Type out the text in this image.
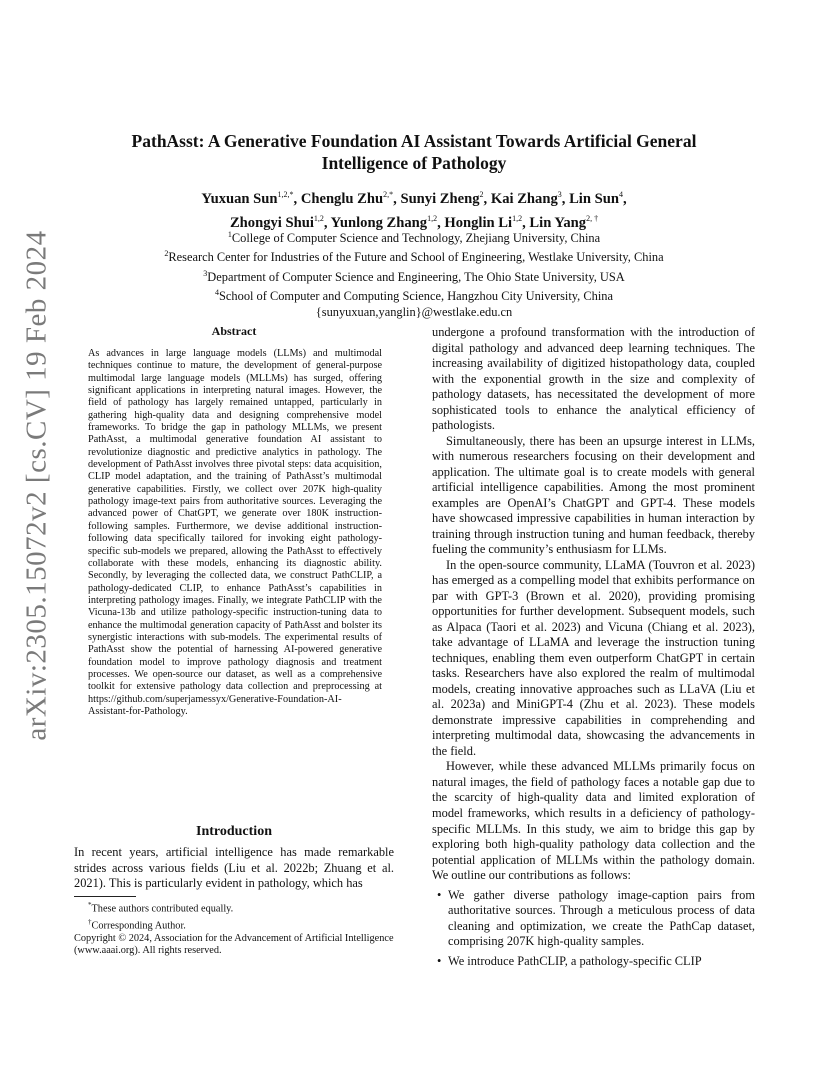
arXiv:2305.15072v2 [cs.CV] 19 Feb 2024
PathAsst: A Generative Foundation AI Assistant Towards Artificial General
Intelligence of Pathology
Yuxuan Sun$^{1,2,*}$, Chenglu Zhu$^{2,*}$, Sunyi Zheng$^2$, Kai Zhang$^3$, Lin Sun$^4$,
Zhongyi Shui$^{1,2}$, Yunlong Zhang$^{1,2}$, Honglin Li$^{1,2}$, Lin Yang$^{2, \dagger}$
$^1$College of Computer Science and Technology, Zhejiang University, China
$^2$Research Center for Industries of the Future and School of Engineering, Westlake University, China
$^3$Department of Computer Science and Engineering, The Ohio State University, USA
$^4$School of Computer and Computing Science, Hangzhou City University, China
{sunyuxuan,yanglin}@westlake.edu.cn
Abstract
As advances in large language models (LLMs) and multimodal techniques continue to mature, the development of general-purpose multimodal large language models (MLLMs) has surged, offering significant applications in interpreting natural images. However, the field of pathology has largely remained untapped, particularly in gathering high-quality data and designing comprehensive model frameworks. To bridge the gap in pathology MLLMs, we present PathAsst, a multimodal generative foundation AI assistant to revolutionize diagnostic and predictive analytics in pathology. The development of PathAsst involves three pivotal steps: data acquisition, CLIP model adaptation, and the training of PathAsst’s multimodal generative capabilities. Firstly, we collect over 207K high-quality pathology image-text pairs from authoritative sources. Leveraging the advanced power of ChatGPT, we generate over 180K instruction-following samples. Furthermore, we devise additional instruction-following data specifically tailored for invoking eight pathology-specific sub-models we prepared, allowing the PathAsst to effectively collaborate with these models, enhancing its diagnostic ability. Secondly, by leveraging the collected data, we construct PathCLIP, a pathology-dedicated CLIP, to enhance PathAsst’s capabilities in interpreting pathology images. Finally, we integrate PathCLIP with the Vicuna-13b and utilize pathology-specific instruction-tuning data to enhance the multimodal generation capacity of PathAsst and bolster its synergistic interactions with sub-models. The experimental results of PathAsst show the potential of harnessing AI-powered generative foundation model to improve pathology diagnosis and treatment processes. We open-source our dataset, as well as a comprehensive toolkit for extensive pathology data collection and preprocessing at https://github.com/superjamessyx/Generative-Foundation-AI-Assistant-for-Pathology.
Introduction
In recent years, artificial intelligence has made remarkable strides across various fields (Liu et al. 2022b; Zhuang et al. 2021). This is particularly evident in pathology, which has
*These authors contributed equally.
†Corresponding Author.
Copyright © 2024, Association for the Advancement of Artificial Intelligence (www.aaai.org). All rights reserved.

undergone a profound transformation with the introduction of digital pathology and advanced deep learning techniques. The increasing availability of digitized histopathology data, coupled with the exponential growth in the size and complexity of pathology datasets, has necessitated the development of more sophisticated tools to enhance the analytical efficiency of pathologists.

Simultaneously, there has been an upsurge interest in LLMs, with numerous researchers focusing on their development and application. The ultimate goal is to create models with general artificial intelligence capabilities. Among the most prominent examples are OpenAI’s ChatGPT and GPT-4. These models have showcased impressive capabilities in human interaction by training through instruction tuning and human feedback, thereby fueling the community’s enthusiasm for LLMs.

In the open-source community, LLaMA (Touvron et al. 2023) has emerged as a compelling model that exhibits performance on par with GPT-3 (Brown et al. 2020), providing promising opportunities for further development. Subsequent models, such as Alpaca (Taori et al. 2023) and Vicuna (Chiang et al. 2023), take advantage of LLaMA and leverage the instruction tuning techniques, enabling them even outperform ChatGPT in certain tasks. Researchers have also explored the realm of multimodal models, creating innovative approaches such as LLaVA (Liu et al. 2023a) and MiniGPT-4 (Zhu et al. 2023). These models demonstrate impressive capabilities in comprehending and interpreting multimodal data, showcasing the advancements in the field.

However, while these advanced MLLMs primarily focus on natural images, the field of pathology faces a notable gap due to the scarcity of high-quality data and limited exploration of model frameworks, which results in a deficiency of pathology-specific MLLMs. In this study, we aim to bridge this gap by exploring both high-quality pathology data collection and the potential application of MLLMs within the pathology domain. We outline our contributions as follows:

• We gather diverse pathology image-caption pairs from authoritative sources. Through a meticulous process of data cleaning and optimization, we create the PathCap dataset, comprising 207K high-quality samples.
• We introduce PathCLIP, a pathology-specific CLIP
